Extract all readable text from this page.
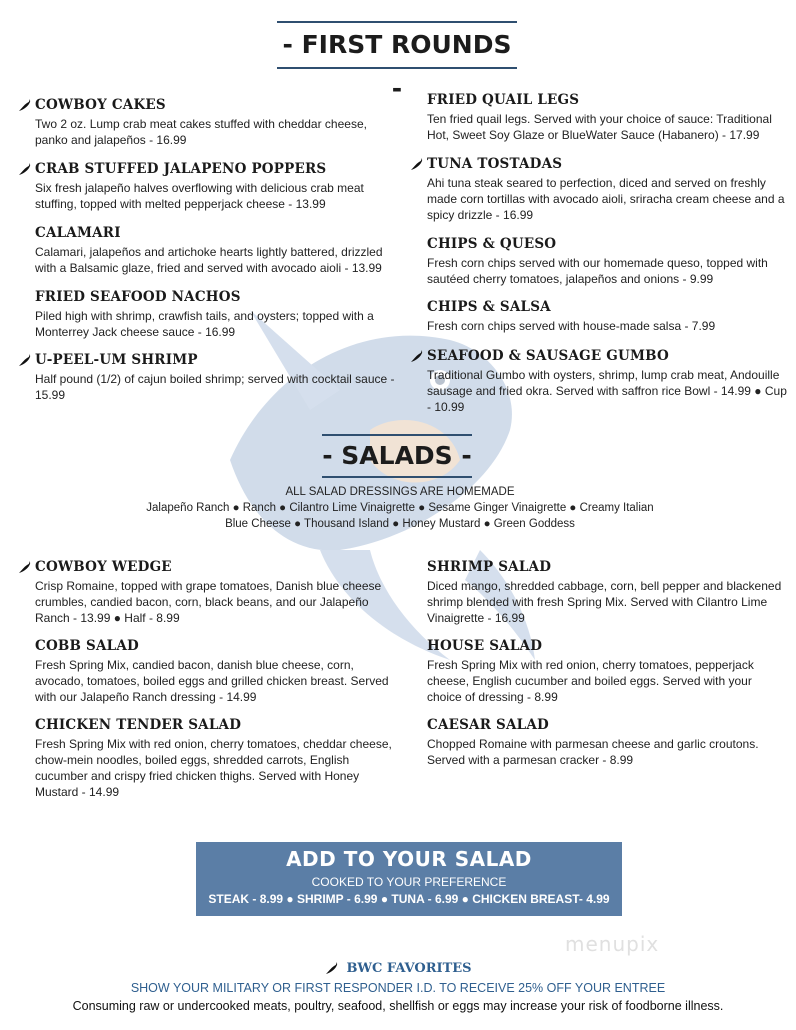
- FIRST ROUNDS -
COWBOY CAKES
Two 2 oz. Lump crab meat cakes stuffed with cheddar cheese, panko and jalapeños - 16.99
CRAB STUFFED JALAPENO POPPERS
Six fresh jalapeño halves overflowing with delicious crab meat stuffing, topped with melted pepperjack cheese - 13.99
CALAMARI
Calamari, jalapeños and artichoke hearts lightly battered, drizzled with a Balsamic glaze, fried and served with avocado aioli - 13.99
FRIED SEAFOOD NACHOS
Piled high with shrimp, crawfish tails, and oysters; topped with a Monterrey Jack cheese sauce - 16.99
U-PEEL-UM SHRIMP
Half pound (1/2) of cajun boiled shrimp; served with cocktail sauce - 15.99
FRIED QUAIL LEGS
Ten fried quail legs. Served with your choice of sauce: Traditional Hot, Sweet Soy Glaze or BlueWater Sauce (Habanero) - 17.99
TUNA TOSTADAS
Ahi tuna steak seared to perfection, diced and served on freshly made corn tortillas with avocado aioli, sriracha cream cheese and a spicy drizzle - 16.99
CHIPS & QUESO
Fresh corn chips served with our homemade queso, topped with sautéed cherry tomatoes, jalapeños and onions - 9.99
CHIPS & SALSA
Fresh corn chips served with house-made salsa - 7.99
SEAFOOD & SAUSAGE GUMBO
Traditional Gumbo with oysters, shrimp, lump crab meat, Andouille sausage and fried okra. Served with saffron rice Bowl - 14.99 ● Cup - 10.99
- SALADS -
ALL SALAD DRESSINGS ARE HOMEMADE
Jalapeño Ranch ● Ranch ● Cilantro Lime Vinaigrette ● Sesame Ginger Vinaigrette ● Creamy Italian
Blue Cheese ● Thousand Island ● Honey Mustard ● Green Goddess
COWBOY WEDGE
Crisp Romaine, topped with grape tomatoes, Danish blue cheese crumbles, candied bacon, corn, black beans, and our Jalapeño Ranch - 13.99 ● Half - 8.99
COBB SALAD
Fresh Spring Mix, candied bacon, danish blue cheese, corn, avocado, tomatoes, boiled eggs and grilled chicken breast. Served with our Jalapeño Ranch dressing - 14.99
CHICKEN TENDER SALAD
Fresh Spring Mix with red onion, cherry tomatoes, cheddar cheese, chow-mein noodles, boiled eggs, shredded carrots, English cucumber and crispy fried chicken thighs. Served with Honey Mustard - 14.99
SHRIMP SALAD
Diced mango, shredded cabbage, corn, bell pepper and blackened shrimp blended with fresh Spring Mix. Served with Cilantro Lime Vinaigrette - 16.99
HOUSE SALAD
Fresh Spring Mix with red onion, cherry tomatoes, pepperjack cheese, English cucumber and boiled eggs. Served with your choice of dressing - 8.99
CAESAR SALAD
Chopped Romaine with parmesan cheese and garlic croutons. Served with a parmesan cracker - 8.99
ADD TO YOUR SALAD
COOKED TO YOUR PREFERENCE
STEAK - 8.99 ● SHRIMP - 6.99 ● TUNA - 6.99 ● CHICKEN BREAST- 4.99
menupix
BWC FAVORITES
SHOW YOUR MILITARY OR FIRST RESPONDER I.D. TO RECEIVE 25% OFF YOUR ENTREE
Consuming raw or undercooked meats, poultry, seafood, shellfish or eggs may increase your risk of foodborne illness.
